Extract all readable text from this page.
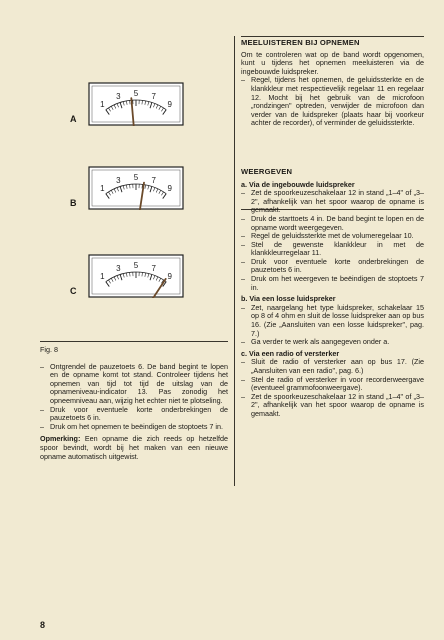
A
1
3 5 7
9
B
1
3 5 7
9
C
1
3 5 7
9
Fig. 8
– Ontgrendel de pauzetoets 6. De band begint te lopen en de opname komt tot stand. Controleer tijdens het opnemen van tijd tot tijd de uitslag van de opnameniveau-indicator 13. Pas zonodig het opneemniveau aan, wijzig het echter niet te plotseling.
– Druk voor eventuele korte onderbrekingen de pauzetoets 6 in.
– Druk om het opnemen te beëindigen de stoptoets 7 in.

Opmerking: Een opname die zich reeds op hetzelfde spoor bevindt, wordt bij het maken van een nieuwe opname automatisch uitgewist.

MEELUISTEREN BIJ OPNEMEN

Om te controleren wat op de band wordt opgenomen, kunt u tijdens het opnemen meeluisteren via de ingebouwde luidspreker.

– Regel, tijdens het opnemen, de geluidssterkte en de klankkleur met respectievelijk regelaar 11 en regelaar 12. Mocht bij het gebruik van de microfoon „rondzingen" optreden, verwijder de microfoon dan verder van de luidspreker (plaats haar bij voorkeur achter de recorder), of verminder de geluidssterkte.
WEERGEVEN
a. Via de ingebouwde luidspreker
– Zet de spoorkeuzeschakelaar 12 in stand „1–4" of „3–2", afhankelijk van het spoor waarop de opname is gemaakt.
– Druk de starttoets 4 in. De band begint te lopen en de opname wordt weergegeven.
– Regel de geluidssterkte met de volumeregelaar 10.
– Stel de gewenste klankkleur in met de klankkleurregelaar 11.
– Druk voor eventuele korte onderbrekingen de pauzetoets 6 in.
– Druk om het weergeven te beëindigen de stoptoets 7 in.
b. Via een losse luidspreker
– Zet, naargelang het type luidspreker, schakelaar 15 op 8 of 4 ohm en sluit de losse luidspreker aan op bus 16. (Zie „Aansluiten van een losse luidspreker", pag. 7.)
– Ga verder te werk als aangegeven onder a.
c. Via een radio of versterker
– Sluit de radio of versterker aan op bus 17. (Zie „Aansluiten van een radio", pag. 6.)
– Stel de radio of versterker in voor recorderweergave (eventueel grammofoonweergave).
– Zet de spoorkeuzeschakelaar 12 in stand „1–4" of „3–2", afhankelijk van het spoor waarop de opname is gemaakt.
8
